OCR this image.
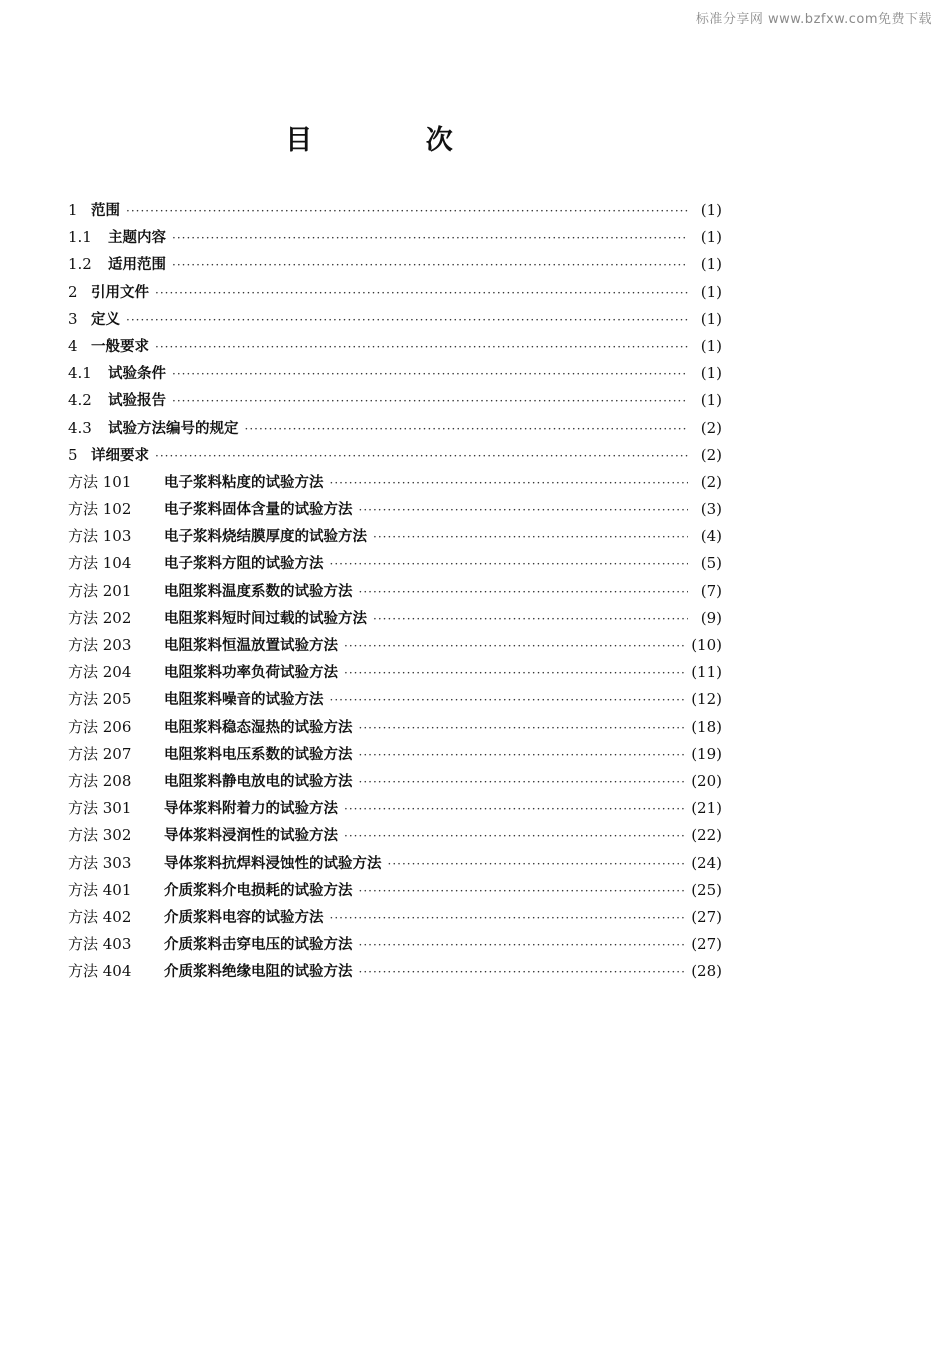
标准分享网 www.bzfxw.com免费下载
目 次
1 范围 ·····	(1)
1.1	主题内容 ·····	(1)
1.2	适用范围 ·····	(1)
2 引用文件 ·····	(1)
3 定义 ·····	(1)
4 一般要求 ·····	(1)
4.1	试验条件 ·····	(1)
4.2	试验报告 ·····	(1)
4.3	试验方法编号的规定 ·····	(2)
5 详细要求 ·····	(2)
方法 101	电子浆料粘度的试验方法 ·····	(2)
方法 102	电子浆料固体含量的试验方法 ·····	(3)
方法 103	电子浆料烧结膜厚度的试验方法 ·····	(4)
方法 104	电子浆料方阻的试验方法 ·····	(5)
方法 201	电阻浆料温度系数的试验方法 ·····	(7)
方法 202	电阻浆料短时间过载的试验方法 ·····	(9)
方法 203	电阻浆料恒温放置试验方法 ·····	(10)
方法 204	电阻浆料功率负荷试验方法 ·····	(11)
方法 205	电阻浆料噪音的试验方法 ·····	(12)
方法 206	电阻浆料稳态湿热的试验方法 ·····	(18)
方法 207	电阻浆料电压系数的试验方法 ·····	(19)
方法 208	电阻浆料静电放电的试验方法 ·····	(20)
方法 301	导体浆料附着力的试验方法 ·····	(21)
方法 302	导体浆料浸润性的试验方法 ·····	(22)
方法 303	导体浆料抗焊料浸蚀性的试验方法 ·····	(24)
方法 401	介质浆料介电损耗的试验方法 ·····	(25)
方法 402	介质浆料电容的试验方法 ·····	(27)
方法 403	介质浆料击穿电压的试验方法 ·····	(27)
方法 404	介质浆料绝缘电阻的试验方法 ·····	(28)
